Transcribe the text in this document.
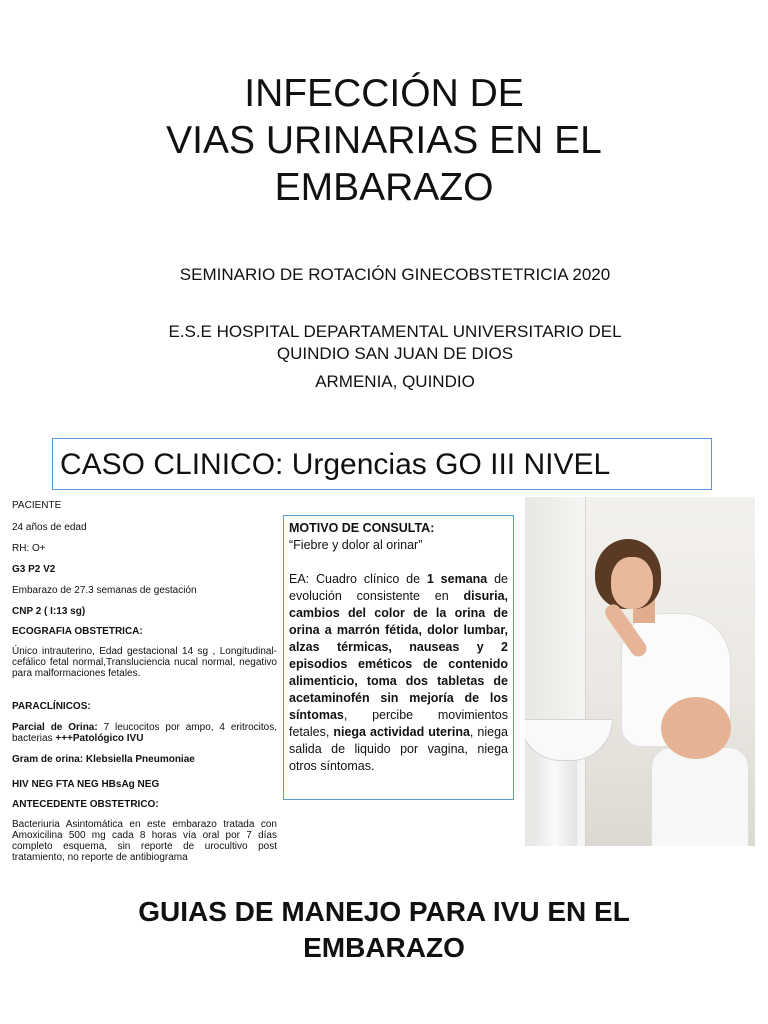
INFECCIÓN DE
VIAS URINARIAS EN EL
EMBARAZO
SEMINARIO DE ROTACIÓN GINECOBSTETRICIA 2020
E.S.E HOSPITAL DEPARTAMENTAL UNIVERSITARIO DEL
QUINDIO SAN JUAN DE DIOS
ARMENIA, QUINDIO
CASO CLINICO: Urgencias GO III NIVEL
PACIENTE
24 años de edad
RH: O+
G3 P2 V2
Embarazo de 27.3 semanas de gestación
CNP 2 ( I:13 sg)
ECOGRAFIA OBSTETRICA:
Único intrauterino, Edad gestacional 14 sg , Longitudinal-cefálico fetal normal,Transluciencia nucal normal, negativo para malformaciones fetales.
PARACLÍNICOS:
Parcial de Orina: 7 leucocitos por ampo, 4 eritrocitos, bacterias +++Patológico IVU
Gram de orina: Klebsiella Pneumoniae
HIV NEG FTA NEG HBsAg NEG
ANTECEDENTE OBSTETRICO:
Bacteriuria Asintomática en este embarazo tratada con Amoxicilina 500 mg cada 8 horas vía oral por 7 días completo esquema, sin reporte de urocultivo post tratamiento, no reporte de antibiograma
MOTIVO DE CONSULTA:
“Fiebre y dolor al orinar”
EA: Cuadro clínico de 1 semana de evolución consistente en disuria, cambios del color de la orina de orina a marrón fétida, dolor lumbar, alzas térmicas, nauseas y 2 episodios eméticos de contenido alimenticio, toma dos tabletas de acetaminofén sin mejoría de los síntomas, percibe movimientos fetales, niega actividad uterina, niega salida de liquido por vagina, niega otros síntomas.
GUIAS DE MANEJO PARA IVU EN EL
EMBARAZO
